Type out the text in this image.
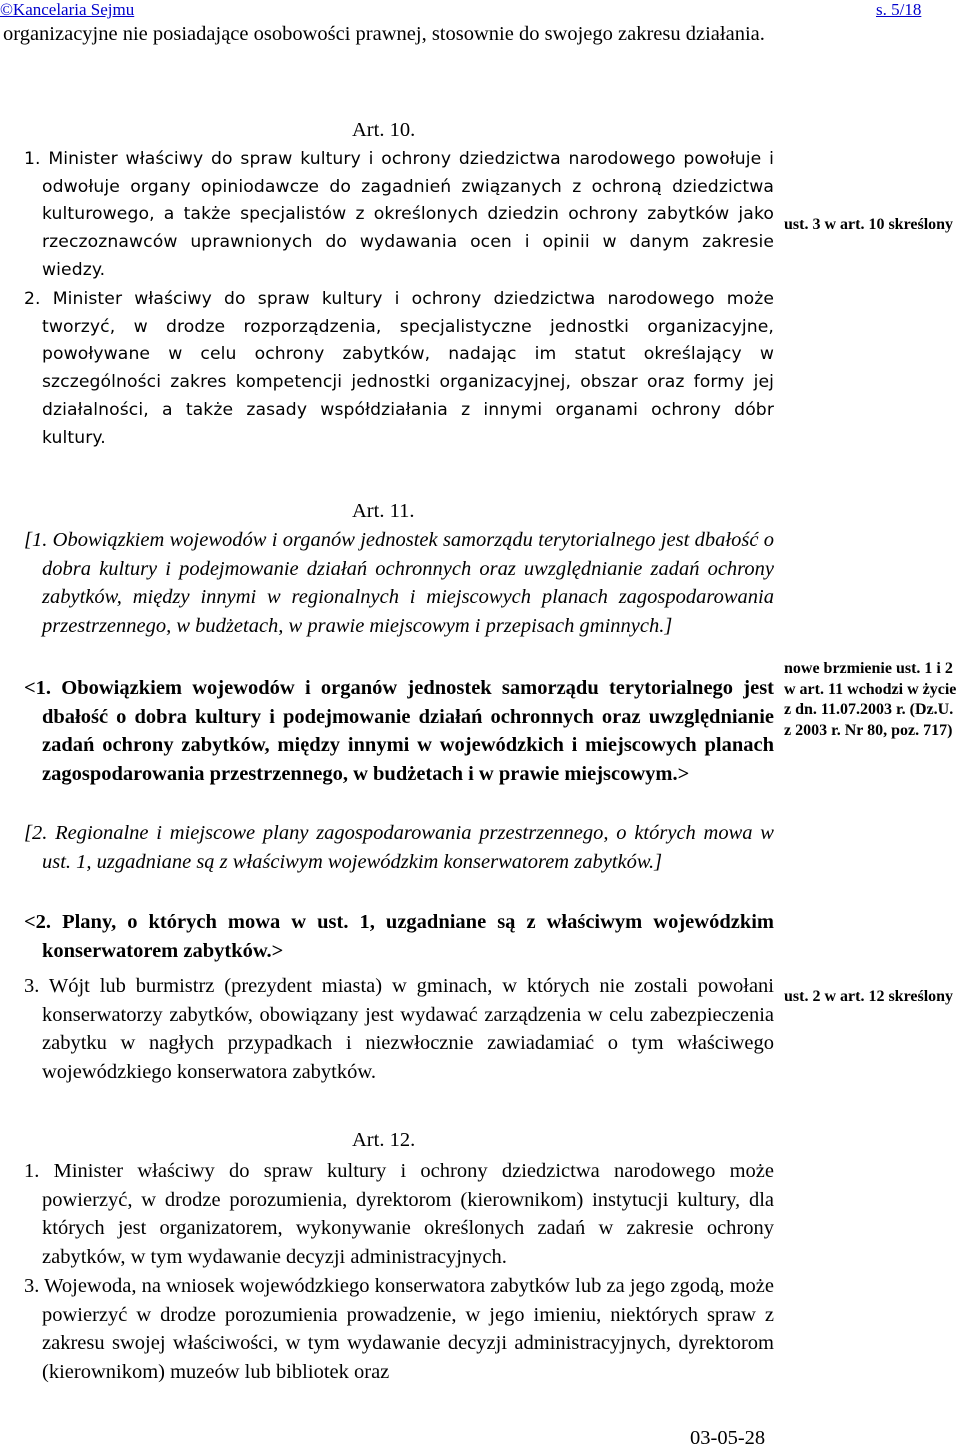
©Kancelaria Sejmu	s. 5/18
organizacyjne nie posiadające osobowości prawnej, stosownie do swojego zakresu działania.
Art. 10.
1. Minister właściwy do spraw kultury i ochrony dziedzictwa narodowego powołuje i odwołuje organy opiniodawcze do zagadnień związanych z ochroną dziedzictwa kulturowego, a także specjalistów z określonych dziedzin ochrony zabytków jako rzeczoznawców uprawnionych do wydawania ocen i opinii w danym zakresie wiedzy.
2. Minister właściwy do spraw kultury i ochrony dziedzictwa narodowego może tworzyć, w drodze rozporządzenia, specjalistyczne jednostki organizacyjne, powoływane w celu ochrony zabytków, nadając im statut określający w szczególności zakres kompetencji jednostki organizacyjnej, obszar oraz formy jej działalności, a także zasady współdziałania z innymi organami ochrony dóbr kultury.
ust. 3 w art. 10 skreślony
Art. 11.
[1. Obowiązkiem wojewodów i organów jednostek samorządu terytorialnego jest dbałość o dobra kultury i podejmowanie działań ochronnych oraz uwzględnianie zadań ochrony zabytków, między innymi w regionalnych i miejscowych planach zagospodarowania przestrzennego, w budżetach, w prawie miejscowym i przepisach gminnych.]
<1. Obowiązkiem wojewodów i organów jednostek samorządu terytorialnego jest dbałość o dobra kultury i podejmowanie działań ochronnych oraz uwzględnianie zadań ochrony zabytków, między innymi w wojewódzkich i miejscowych planach zagospodarowania przestrzennego, w budżetach i w prawie miejscowym.>
[2. Regionalne i miejscowe plany zagospodarowania przestrzennego, o których mowa w ust. 1, uzgadniane są z właściwym wojewódzkim konserwatorem zabytków.]
<2. Plany, o których mowa w ust. 1, uzgadniane są z właściwym wojewódzkim konserwatorem zabytków.>
3. Wójt lub burmistrz (prezydent miasta) w gminach, w których nie zostali powołani konserwatorzy zabytków, obowiązany jest wydawać zarządzenia w celu zabezpieczenia zabytku w nagłych przypadkach i niezwłocznie zawiadamiać o tym właściwego wojewódzkiego konserwatora zabytków.
nowe brzmienie ust. 1 i 2 w art. 11 wchodzi w życie z dn. 11.07.2003 r. (Dz.U. z 2003 r. Nr 80, poz. 717)
ust. 2 w art. 12 skreślony
Art. 12.
1. Minister właściwy do spraw kultury i ochrony dziedzictwa narodowego może powierzyć, w drodze porozumienia, dyrektorom (kierownikom) instytucji kultury, dla których jest organizatorem, wykonywanie określonych zadań w zakresie ochrony zabytków, w tym wydawanie decyzji administracyjnych.
3. Wojewoda, na wniosek wojewódzkiego konserwatora zabytków lub za jego zgodą, może powierzyć w drodze porozumienia prowadzenie, w jego imieniu, niektórych spraw z zakresu swojej właściwości, w tym wydawanie decyzji administracyjnych, dyrektorom (kierownikom) muzeów lub bibliotek oraz
03-05-28
